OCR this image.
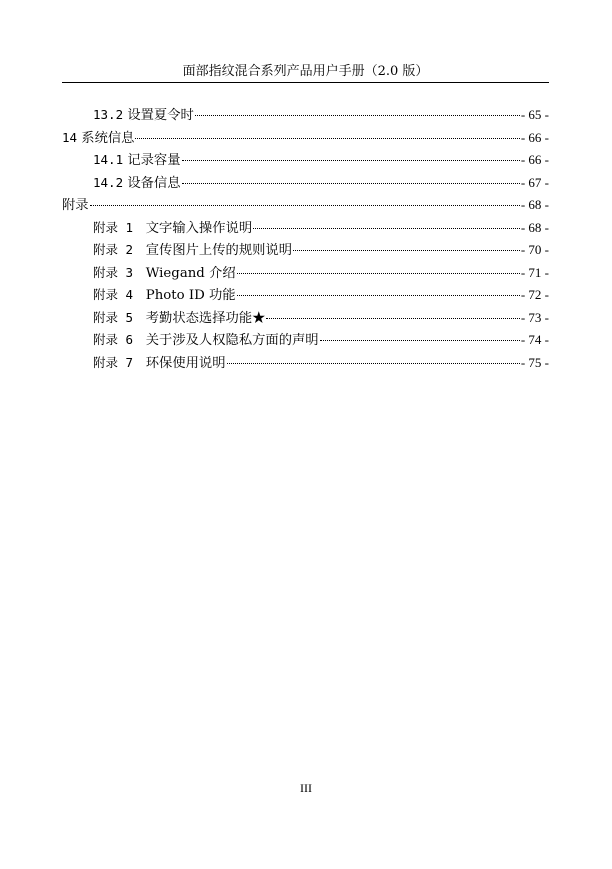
面部指纹混合系列产品用户手册（2.0 版）
13.2 设置夏令时	- 65 -
14 系统信息	- 66 -
14.1 记录容量	- 66 -
14.2 设备信息	- 67 -
附录	- 68 -
附录 1 文字输入操作说明	- 68 -
附录 2 宣传图片上传的规则说明	- 70 -
附录 3 Wiegand 介绍	- 71 -
附录 4 Photo ID 功能	- 72 -
附录 5 考勤状态选择功能★	- 73 -
附录 6 关于涉及人权隐私方面的声明	- 74 -
附录 7 环保使用说明	- 75 -
III
